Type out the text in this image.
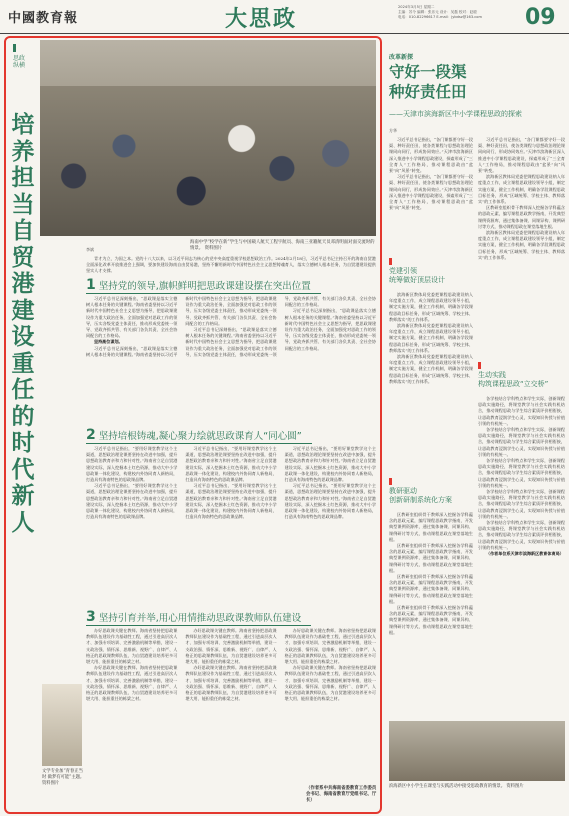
中國教育報	大思政	2024年3月5日 星期二
主编：苏令 编辑：张乐元 设计：吴磊 校对：赵聪
电话：010-82296617 E-mail：jybdsz@163.com	09
思政纵横
培养担当自贸港建设重任的时代新人
海南中学“校学在新”学生与中国载人航天工程宇航员、海南三亚籍航天员邓清明面对面交流时的情景。 资料图片
李斌

青才为立，为国之本。党的十八大以来，以习近平同志为核心的党中央高度重视学校思想政治工作。2024年2月18日，习近平总书记主持召开的海南自贸港全面深化改革开放推进会上强调，要加快建设海南自由贸易港，坚持不懈用新时代中国特色社会主义思想铸魂育人，落实立德树人根本任务，为自贸港建设提供坚实人才支撑。

1 坚持党的领导,旗帜鲜明把思政课建设摆在突出位置

习近平总书记深刻指出，“思政课是落实立德树人根本任务的关键课程。”海南省委坚持以习近平新时代中国特色社会主义思想为指导，把思政课建设作为重大政治任务，全面加强党对思政工作的领导，压实各级党委主体责任，推动形成党委统一领导、党政齐抓共管、有关部门各负其责、全社会协同配合的工作格局。

坚持高位谋划。

习近平总书记深刻指出，“思政课是落实立德树人根本任务的关键课程。”海南省委坚持以习近平新时代中国特色社会主义思想为指导，把思政课建设作为重大政治任务，全面加强党对思政工作的领导，压实各级党委主体责任，推动形成党委统一领导、党政齐抓共管、有关部门各负其责、全社会协同配合的工作格局。

习近平总书记深刻指出，“思政课是落实立德树人根本任务的关键课程。”海南省委坚持以习近平新时代中国特色社会主义思想为指导，把思政课建设作为重大政治任务，全面加强党对思政工作的领导，压实各级党委主体责任，推动形成党委统一领导、党政齐抓共管、有关部门各负其责、全社会协同配合的工作格局。

习近平总书记深刻指出，“思政课是落实立德树人根本任务的关键课程。”海南省委坚持以习近平新时代中国特色社会主义思想为指导，把思政课建设作为重大政治任务，全面加强党对思政工作的领导，压实各级党委主体责任，推动形成党委统一领导、党政齐抓共管、有关部门各负其责、全社会协同配合的工作格局。

2 坚持培根铸魂,凝心聚力绘就思政课育人“同心圆”

习近平总书记指出，“要用好课堂教学这个主渠道，思想政治理论课要坚持在改进中加强，提升思想政治教育亲和力和针对性。”海南省立足自贸港建设实际，深入挖掘本土红色资源，推动大中小学思政课一体化建设，构建校内外协同育人新格局，打造具有海南特色的思政课品牌。

习近平总书记指出，“要用好课堂教学这个主渠道，思想政治理论课要坚持在改进中加强，提升思想政治教育亲和力和针对性。”海南省立足自贸港建设实际，深入挖掘本土红色资源，推动大中小学思政课一体化建设，构建校内外协同育人新格局，打造具有海南特色的思政课品牌。

习近平总书记指出，“要用好课堂教学这个主渠道，思想政治理论课要坚持在改进中加强，提升思想政治教育亲和力和针对性。”海南省立足自贸港建设实际，深入挖掘本土红色资源，推动大中小学思政课一体化建设，构建校内外协同育人新格局，打造具有海南特色的思政课品牌。

习近平总书记指出，“要用好课堂教学这个主渠道，思想政治理论课要坚持在改进中加强，提升思想政治教育亲和力和针对性。”海南省立足自贸港建设实际，深入挖掘本土红色资源，推动大中小学思政课一体化建设，构建校内外协同育人新格局，打造具有海南特色的思政课品牌。

习近平总书记指出，“要用好课堂教学这个主渠道，思想政治理论课要坚持在改进中加强，提升思想政治教育亲和力和针对性。”海南省立足自贸港建设实际，深入挖掘本土红色资源，推动大中小学思政课一体化建设，构建校内外协同育人新格局，打造具有海南特色的思政课品牌。

习近平总书记指出，“要用好课堂教学这个主渠道，思想政治理论课要坚持在改进中加强，提升思想政治教育亲和力和针对性。”海南省立足自贸港建设实际，深入挖掘本土红色资源，推动大中小学思政课一体化建设，构建校内外协同育人新格局，打造具有海南特色的思政课品牌。

3 坚持引育并举,用心用情推动思政课教师队伍建设

办好思政课关键在教师。海南省坚持把思政课教师队伍建设作为基础性工程，通过引进高层次人才、加强专项培训、完善激励机制等举措，建设一支政治强、情怀深、思维新、视野广、自律严、人格正的思政课教师队伍，为自贸港建设培养更多可堪大用、能担重任的栋梁之材。

办好思政课关键在教师。海南省坚持把思政课教师队伍建设作为基础性工程，通过引进高层次人才、加强专项培训、完善激励机制等举措，建设一支政治强、情怀深、思维新、视野广、自律严、人格正的思政课教师队伍，为自贸港建设培养更多可堪大用、能担重任的栋梁之材。

办好思政课关键在教师。海南省坚持把思政课教师队伍建设作为基础性工程，通过引进高层次人才、加强专项培训、完善激励机制等举措，建设一支政治强、情怀深、思维新、视野广、自律严、人格正的思政课教师队伍，为自贸港建设培养更多可堪大用、能担重任的栋梁之材。

办好思政课关键在教师。海南省坚持把思政课教师队伍建设作为基础性工程，通过引进高层次人才、加强专项培训、完善激励机制等举措，建设一支政治强、情怀深、思维新、视野广、自律严、人格正的思政课教师队伍，为自贸港建设培养更多可堪大用、能担重任的栋梁之材。

办好思政课关键在教师。海南省坚持把思政课教师队伍建设作为基础性工程，通过引进高层次人才、加强专项培训、完善激励机制等举措，建设一支政治强、情怀深、思维新、视野广、自律严、人格正的思政课教师队伍，为自贸港建设培养更多可堪大用、能担重任的栋梁之材。

办好思政课关键在教师。海南省坚持把思政课教师队伍建设作为基础性工程，通过引进高层次人才、加强专项培训、完善激励机制等举措，建设一支政治强、情怀深、思维新、视野广、自律严、人格正的思政课教师队伍，为自贸港建设培养更多可堪大用、能担重任的栋梁之材。

文学专业加“青春正当时 做梦有可能”主题。资料图片
（作者系中共海南省委教育工作委员会书记、海南省教育厅党组书记、厅长）
改革新探
守好一段渠
种好责任田
——天津市滨海新区中小学课程思政的探索
方华

习近平总书记指出，“各门课都要守好一段渠、种好责任田，使各类课程与思想政治理论课同向同行，形成协同效应。”天津市滨海新区深入推进中小学课程思政建设，探索形成了“三全育人”工作格局，推动课程思政由“盆景”向“风景”转变。

习近平总书记指出，“各门课都要守好一段渠、种好责任田，使各类课程与思想政治理论课同向同行，形成协同效应。”天津市滨海新区深入推进中小学课程思政建设，探索形成了“三全育人”工作格局，推动课程思政由“盆景”向“风景”转变。

党建引领
统筹做好顶层设计

滨海新区教体局党委把课程思政建设纳入年度重点工作，成立课程思政建设领导小组，制定实施方案，健全工作机制，明确各学段课程思政目标任务，形成“区域统筹、学校主体、教师落实”的工作体系。

滨海新区教体局党委把课程思政建设纳入年度重点工作，成立课程思政建设领导小组，制定实施方案，健全工作机制，明确各学段课程思政目标任务，形成“区域统筹、学校主体、教师落实”的工作体系。

滨海新区教体局党委把课程思政建设纳入年度重点工作，成立课程思政建设领导小组，制定实施方案，健全工作机制，明确各学段课程思政目标任务，形成“区域统筹、学校主体、教师落实”的工作体系。

教研驱动
创新研制系统化方案

区教研室组织骨干教师深入挖掘各学科蕴含的思政元素，编写课程思政教学指南，开发典型课例资源库，通过集体备课、同课异构、课例研讨等方式，推动课程思政在课堂落地生根。

区教研室组织骨干教师深入挖掘各学科蕴含的思政元素，编写课程思政教学指南，开发典型课例资源库，通过集体备课、同课异构、课例研讨等方式，推动课程思政在课堂落地生根。

区教研室组织骨干教师深入挖掘各学科蕴含的思政元素，编写课程思政教学指南，开发典型课例资源库，通过集体备课、同课异构、课例研讨等方式，推动课程思政在课堂落地生根。

区教研室组织骨干教师深入挖掘各学科蕴含的思政元素，编写课程思政教学指南，开发典型课例资源库，通过集体备课、同课异构、课例研讨等方式，推动课程思政在课堂落地生根。

习近平总书记指出，“各门课都要守好一段渠、种好责任田，使各类课程与思想政治理论课同向同行，形成协同效应。”天津市滨海新区深入推进中小学课程思政建设，探索形成了“三全育人”工作格局，推动课程思政由“盆景”向“风景”转变。

滨海新区教体局党委把课程思政建设纳入年度重点工作，成立课程思政建设领导小组，制定实施方案，健全工作机制，明确各学段课程思政目标任务，形成“区域统筹、学校主体、教师落实”的工作体系。

区教研室组织骨干教师深入挖掘各学科蕴含的思政元素，编写课程思政教学指南，开发典型课例资源库，通过集体备课、同课异构、课例研讨等方式，推动课程思政在课堂落地生根。

滨海新区教体局党委把课程思政建设纳入年度重点工作，成立课程思政建设领导小组，制定实施方案，健全工作机制，明确各学段课程思政目标任务，形成“区域统筹、学校主体、教师落实”的工作体系。

生动实践
构筑课程思政“立交桥”

各学校结合学科特点和学生实际，创新课程思政实施路径，将课堂教学与社会实践有机结合，推动课程思政与学生综合素质评价相衔接，让思政教育浸润学生心灵，实现知识传授与价值引领的有机统一。

各学校结合学科特点和学生实际，创新课程思政实施路径，将课堂教学与社会实践有机结合，推动课程思政与学生综合素质评价相衔接，让思政教育浸润学生心灵，实现知识传授与价值引领的有机统一。

各学校结合学科特点和学生实际，创新课程思政实施路径，将课堂教学与社会实践有机结合，推动课程思政与学生综合素质评价相衔接，让思政教育浸润学生心灵，实现知识传授与价值引领的有机统一。

各学校结合学科特点和学生实际，创新课程思政实施路径，将课堂教学与社会实践有机结合，推动课程思政与学生综合素质评价相衔接，让思政教育浸润学生心灵，实现知识传授与价值引领的有机统一。

各学校结合学科特点和学生实际，创新课程思政实施路径，将课堂教学与社会实践有机结合，推动课程思政与学生综合素质评价相衔接，让思政教育浸润学生心灵，实现知识传授与价值引领的有机统一。

（作者单位系天津市滨海新区教育体育局）

滨海新区中小学生在课堂与实践活动中接受思政教育的情景。 资料图片
